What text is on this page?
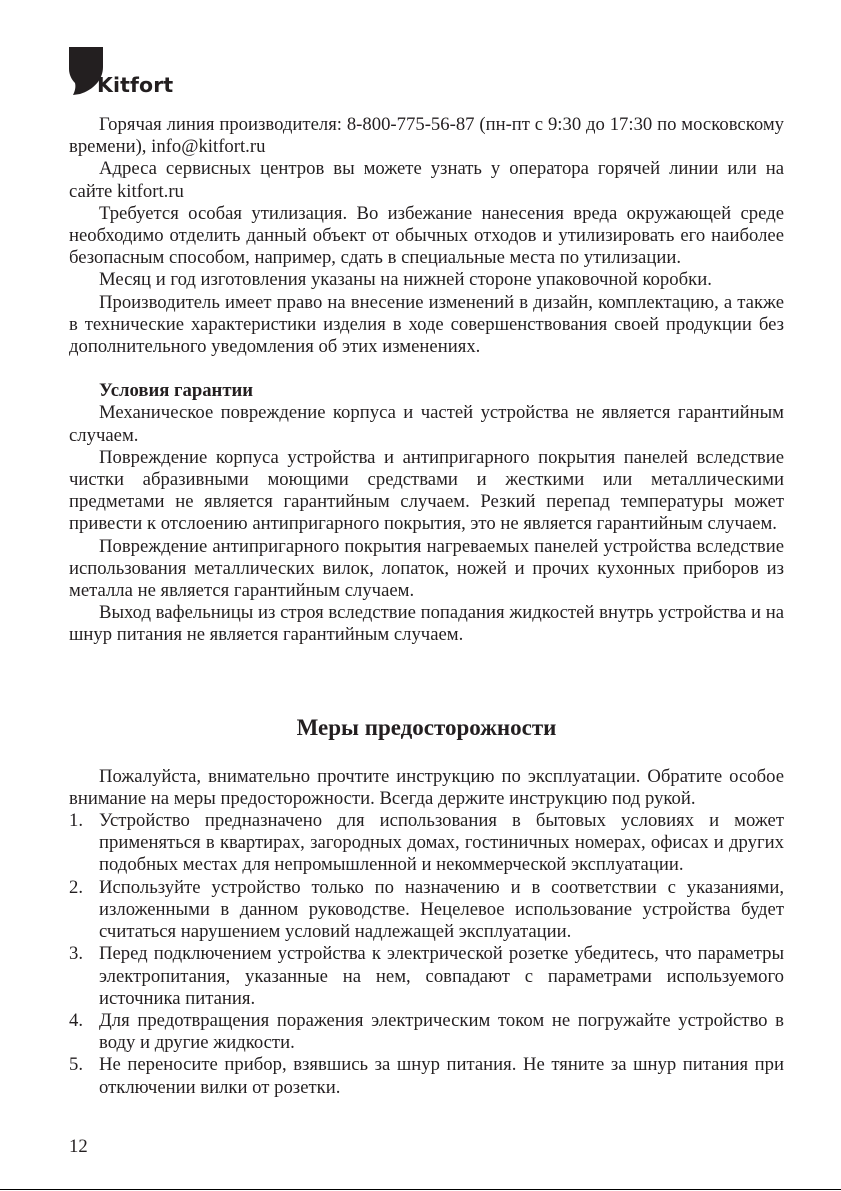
Kitfort

Горячая линия производителя: 8-800-775-56-87 (пн-пт с 9:30 до 17:30 по московскому времени), info@kitfort.ru

Адреса сервисных центров вы можете узнать у оператора горячей линии или на сайте kitfort.ru

Требуется особая утилизация. Во избежание нанесения вреда окружающей среде необходимо отделить данный объект от обычных отходов и утилизировать его наиболее безопасным способом, например, сдать в специальные места по утилизации.

Месяц и год изготовления указаны на нижней стороне упаковочной коробки.

Производитель имеет право на внесение изменений в дизайн, комплектацию, а также в технические характеристики изделия в ходе совершенствования своей продукции без дополнительного уведомления об этих изменениях.

Условия гарантии

Механическое повреждение корпуса и частей устройства не является гарантийным случаем.

Повреждение корпуса устройства и антипригарного покрытия панелей вследствие чистки абразивными моющими средствами и жесткими или металлическими предметами не является гарантийным случаем. Резкий перепад температуры может привести к отслоению антипригарного покрытия, это не является гарантийным случаем.

Повреждение антипригарного покрытия нагреваемых панелей устройства вследствие использования металлических вилок, лопаток, ножей и прочих кухонных приборов из металла не является гарантийным случаем.

Выход вафельницы из строя вследствие попадания жидкостей внутрь устройства и на шнур питания не является гарантийным случаем.

Меры предосторожности

Пожалуйста, внимательно прочтите инструкцию по эксплуатации. Обратите особое внимание на меры предосторожности. Всегда держите инструкцию под рукой.

1. Устройство предназначено для использования в бытовых условиях и может применяться в квартирах, загородных домах, гостиничных номерах, офисах и других подобных местах для непромышленной и некоммерческой эксплуатации.
2. Используйте устройство только по назначению и в соответствии с указаниями, изложенными в данном руководстве. Нецелевое использование устройства будет считаться нарушением условий надлежащей эксплуатации.
3. Перед подключением устройства к электрической розетке убедитесь, что параметры электропитания, указанные на нем, совпадают с параметрами используемого источника питания.
4. Для предотвращения поражения электрическим током не погружайте устройство в воду и другие жидкости.
5. Не переносите прибор, взявшись за шнур питания. Не тяните за шнур питания при отключении вилки от розетки.
12
